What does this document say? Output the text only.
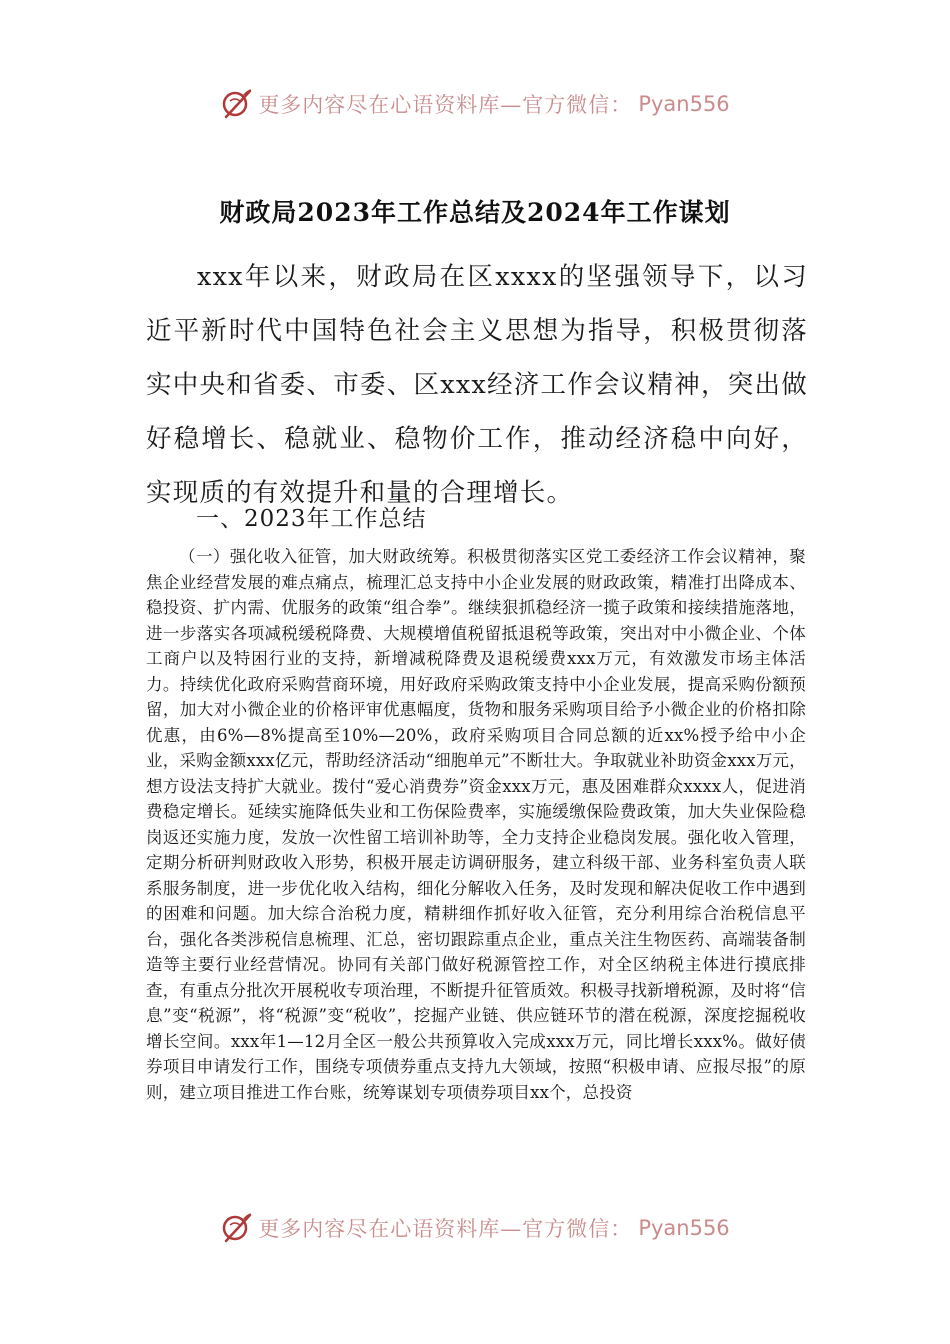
更多内容尽在心语资料库—官方微信： Pyan556
财政局2023年工作总结及2024年工作谋划

xxx年以来，财政局在区xxxx的坚强领导下，以习近平新时代中国特色社会主义思想为指导，积极贯彻落实中央和省委、市委、区xxx经济工作会议精神，突出做好稳增长、稳就业、稳物价工作，推动经济稳中向好，实现质的有效提升和量的合理增长。

一、2023年工作总结

（一）强化收入征管，加大财政统筹。积极贯彻落实区党工委经济工作会议精神，聚焦企业经营发展的难点痛点，梳理汇总支持中小企业发展的财政政策，精准打出降成本、稳投资、扩内需、优服务的政策“组合拳”。继续狠抓稳经济一揽子政策和接续措施落地，进一步落实各项减税缓税降费、大规模增值税留抵退税等政策，突出对中小微企业、个体工商户以及特困行业的支持，新增减税降费及退税缓费xxx万元，有效激发市场主体活力。持续优化政府采购营商环境，用好政府采购政策支持中小企业发展，提高采购份额预留，加大对小微企业的价格评审优惠幅度，货物和服务采购项目给予小微企业的价格扣除优惠，由6%—8%提高至10%—20%，政府采购项目合同总额的近xx%授予给中小企业，采购金额xxx亿元，帮助经济活动“细胞单元”不断壮大。争取就业补助资金xxx万元，想方设法支持扩大就业。拨付“爱心消费券”资金xxx万元，惠及困难群众xxxx人，促进消费稳定增长。延续实施降低失业和工伤保险费率，实施缓缴保险费政策，加大失业保险稳岗返还实施力度，发放一次性留工培训补助等，全力支持企业稳岗发展。强化收入管理，定期分析研判财政收入形势，积极开展走访调研服务，建立科级干部、业务科室负责人联系服务制度，进一步优化收入结构，细化分解收入任务，及时发现和解决促收工作中遇到的困难和问题。加大综合治税力度，精耕细作抓好收入征管，充分利用综合治税信息平台，强化各类涉税信息梳理、汇总，密切跟踪重点企业，重点关注生物医药、高端装备制造等主要行业经营情况。协同有关部门做好税源管控工作，对全区纳税主体进行摸底排查，有重点分批次开展税收专项治理，不断提升征管质效。积极寻找新增税源，及时将“信息”变“税源”，将“税源”变“税收”，挖掘产业链、供应链环节的潜在税源，深度挖掘税收增长空间。xxx年1—12月全区一般公共预算收入完成xxx万元，同比增长xxx%。做好债券项目申请发行工作，围绕专项债券重点支持九大领域，按照“积极申请、应报尽报”的原则，建立项目推进工作台账，统筹谋划专项债券项目xx个，总投资

更多内容尽在心语资料库—官方微信： Pyan556
